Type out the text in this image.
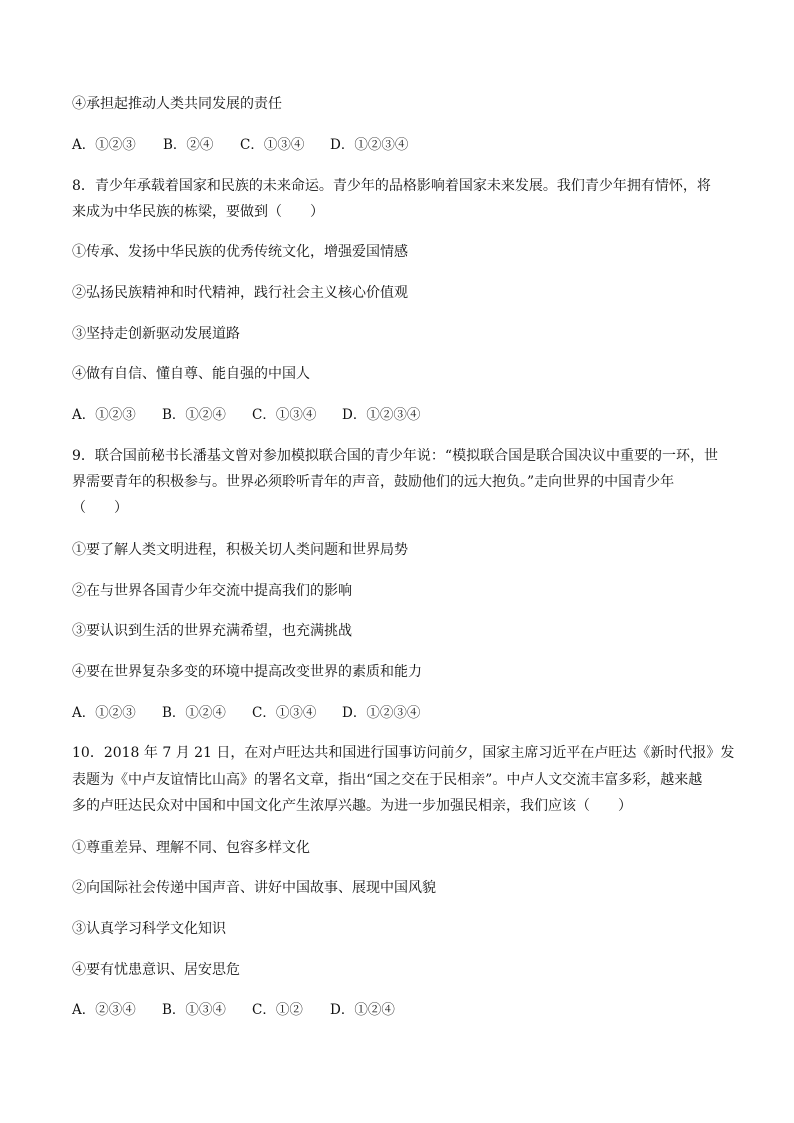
④承担起推动人类共同发展的责任
A．①②③ B．②④ C．①③④ D．①②③④
8．青少年承载着国家和民族的未来命运。青少年的品格影响着国家未来发展。我们青少年拥有情怀，将
来成为中华民族的栋梁，要做到（　　）
①传承、发扬中华民族的优秀传统文化，增强爱国情感
②弘扬民族精神和时代精神，践行社会主义核心价值观
③坚持走创新驱动发展道路
④做有自信、懂自尊、能自强的中国人
A．①②③ B．①②④ C．①③④ D．①②③④
9．联合国前秘书长潘基文曾对参加模拟联合国的青少年说：“模拟联合国是联合国决议中重要的一环，世
界需要青年的积极参与。世界必须聆听青年的声音，鼓励他们的远大抱负。”走向世界的中国青少年
（　　）
①要了解人类文明进程，积极关切人类问题和世界局势
②在与世界各国青少年交流中提高我们的影响
③要认识到生活的世界充满希望，也充满挑战
④要在世界复杂多变的环境中提高改变世界的素质和能力
A．①②③ B．①②④ C．①③④ D．①②③④
10．2018 年 7 月 21 日，在对卢旺达共和国进行国事访问前夕，国家主席习近平在卢旺达《新时代报》发
表题为《中卢友谊情比山高》的署名文章，指出“国之交在于民相亲”。中卢人文交流丰富多彩，越来越
多的卢旺达民众对中国和中国文化产生浓厚兴趣。为进一步加强民相亲，我们应该（　　）
①尊重差异、理解不同、包容多样文化
②向国际社会传递中国声音、讲好中国故事、展现中国风貌
③认真学习科学文化知识
④要有忧患意识、居安思危
A．②③④ B．①③④ C．①② D．①②④
